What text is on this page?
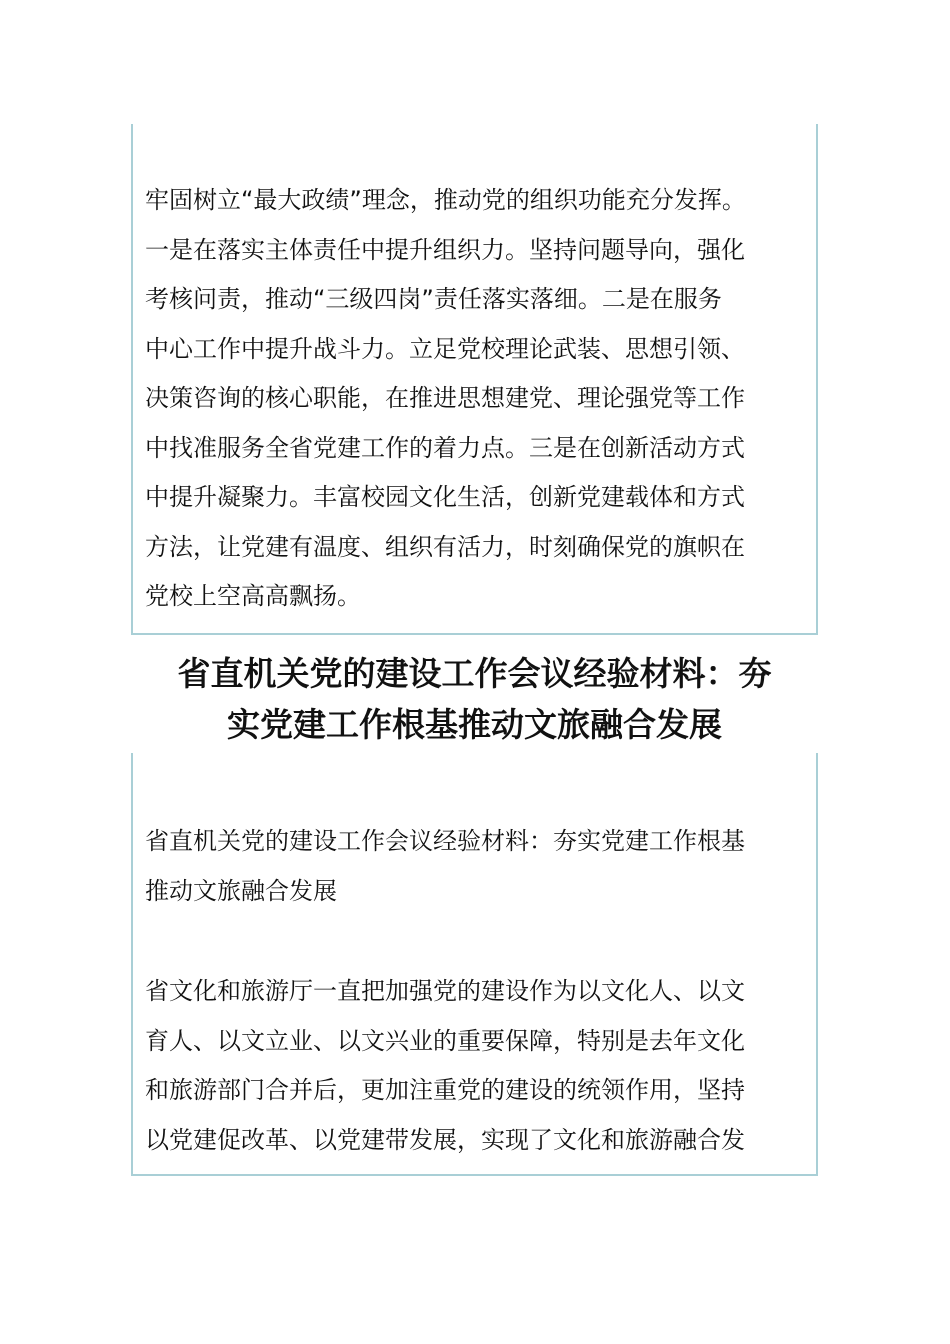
牢固树立“最大政绩”理念，推动党的组织功能充分发挥。
一是在落实主体责任中提升组织力。坚持问题导向，强化
考核问责，推动“三级四岗”责任落实落细。二是在服务
中心工作中提升战斗力。立足党校理论武装、思想引领、
决策咨询的核心职能，在推进思想建党、理论强党等工作
中找准服务全省党建工作的着力点。三是在创新活动方式
中提升凝聚力。丰富校园文化生活，创新党建载体和方式
方法，让党建有温度、组织有活力，时刻确保党的旗帜在
党校上空高高飘扬。

省直机关党的建设工作会议经验材料：夯
实党建工作根基推动文旅融合发展

省直机关党的建设工作会议经验材料：夯实党建工作根基
推动文旅融合发展

省文化和旅游厅一直把加强党的建设作为以文化人、以文
育人、以文立业、以文兴业的重要保障，特别是去年文化
和旅游部门合并后，更加注重党的建设的统领作用，坚持
以党建促改革、以党建带发展，实现了文化和旅游融合发
